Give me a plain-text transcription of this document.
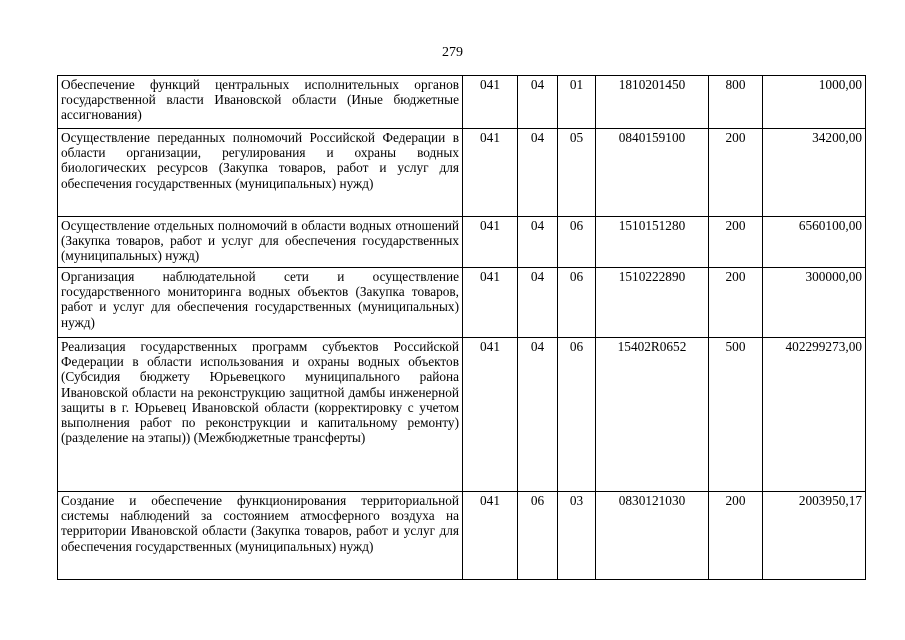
279
Обеспечение функций центральных исполнительных органов государственной власти Ивановской области (Иные бюджетные ассигнования)	041	04	01	1810201450	800	1000,00
Осуществление переданных полномочий Российской Федерации в области организации, регулирования и охраны водных биологических ресурсов (Закупка товаров, работ и услуг для обеспечения государственных (муниципальных) нужд)	041	04	05	0840159100	200	34200,00
Осуществление отдельных полномочий в области водных отношений (Закупка товаров, работ и услуг для обеспечения государственных (муниципальных) нужд)	041	04	06	1510151280	200	6560100,00
Организация наблюдательной сети и осуществление государственного мониторинга водных объектов (Закупка товаров, работ и услуг для обеспечения государственных (муниципальных) нужд)	041	04	06	1510222890	200	300000,00
Реализация государственных программ субъектов Российской Федерации в области использования и охраны водных объектов (Субсидия бюджету Юрьевецкого муниципального района Ивановской области на реконструкцию защитной дамбы инженерной защиты в г. Юрьевец Ивановской области (корректировку с учетом выполнения работ по реконструкции и капитальному ремонту) (разделение на этапы)) (Межбюджетные трансферты)	041	04	06	15402R0652	500	402299273,00
Создание и обеспечение функционирования территориальной системы наблюдений за состоянием атмосферного воздуха на территории Ивановской области (Закупка товаров, работ и услуг для обеспечения государственных (муниципальных) нужд)	041	06	03	0830121030	200	2003950,17
